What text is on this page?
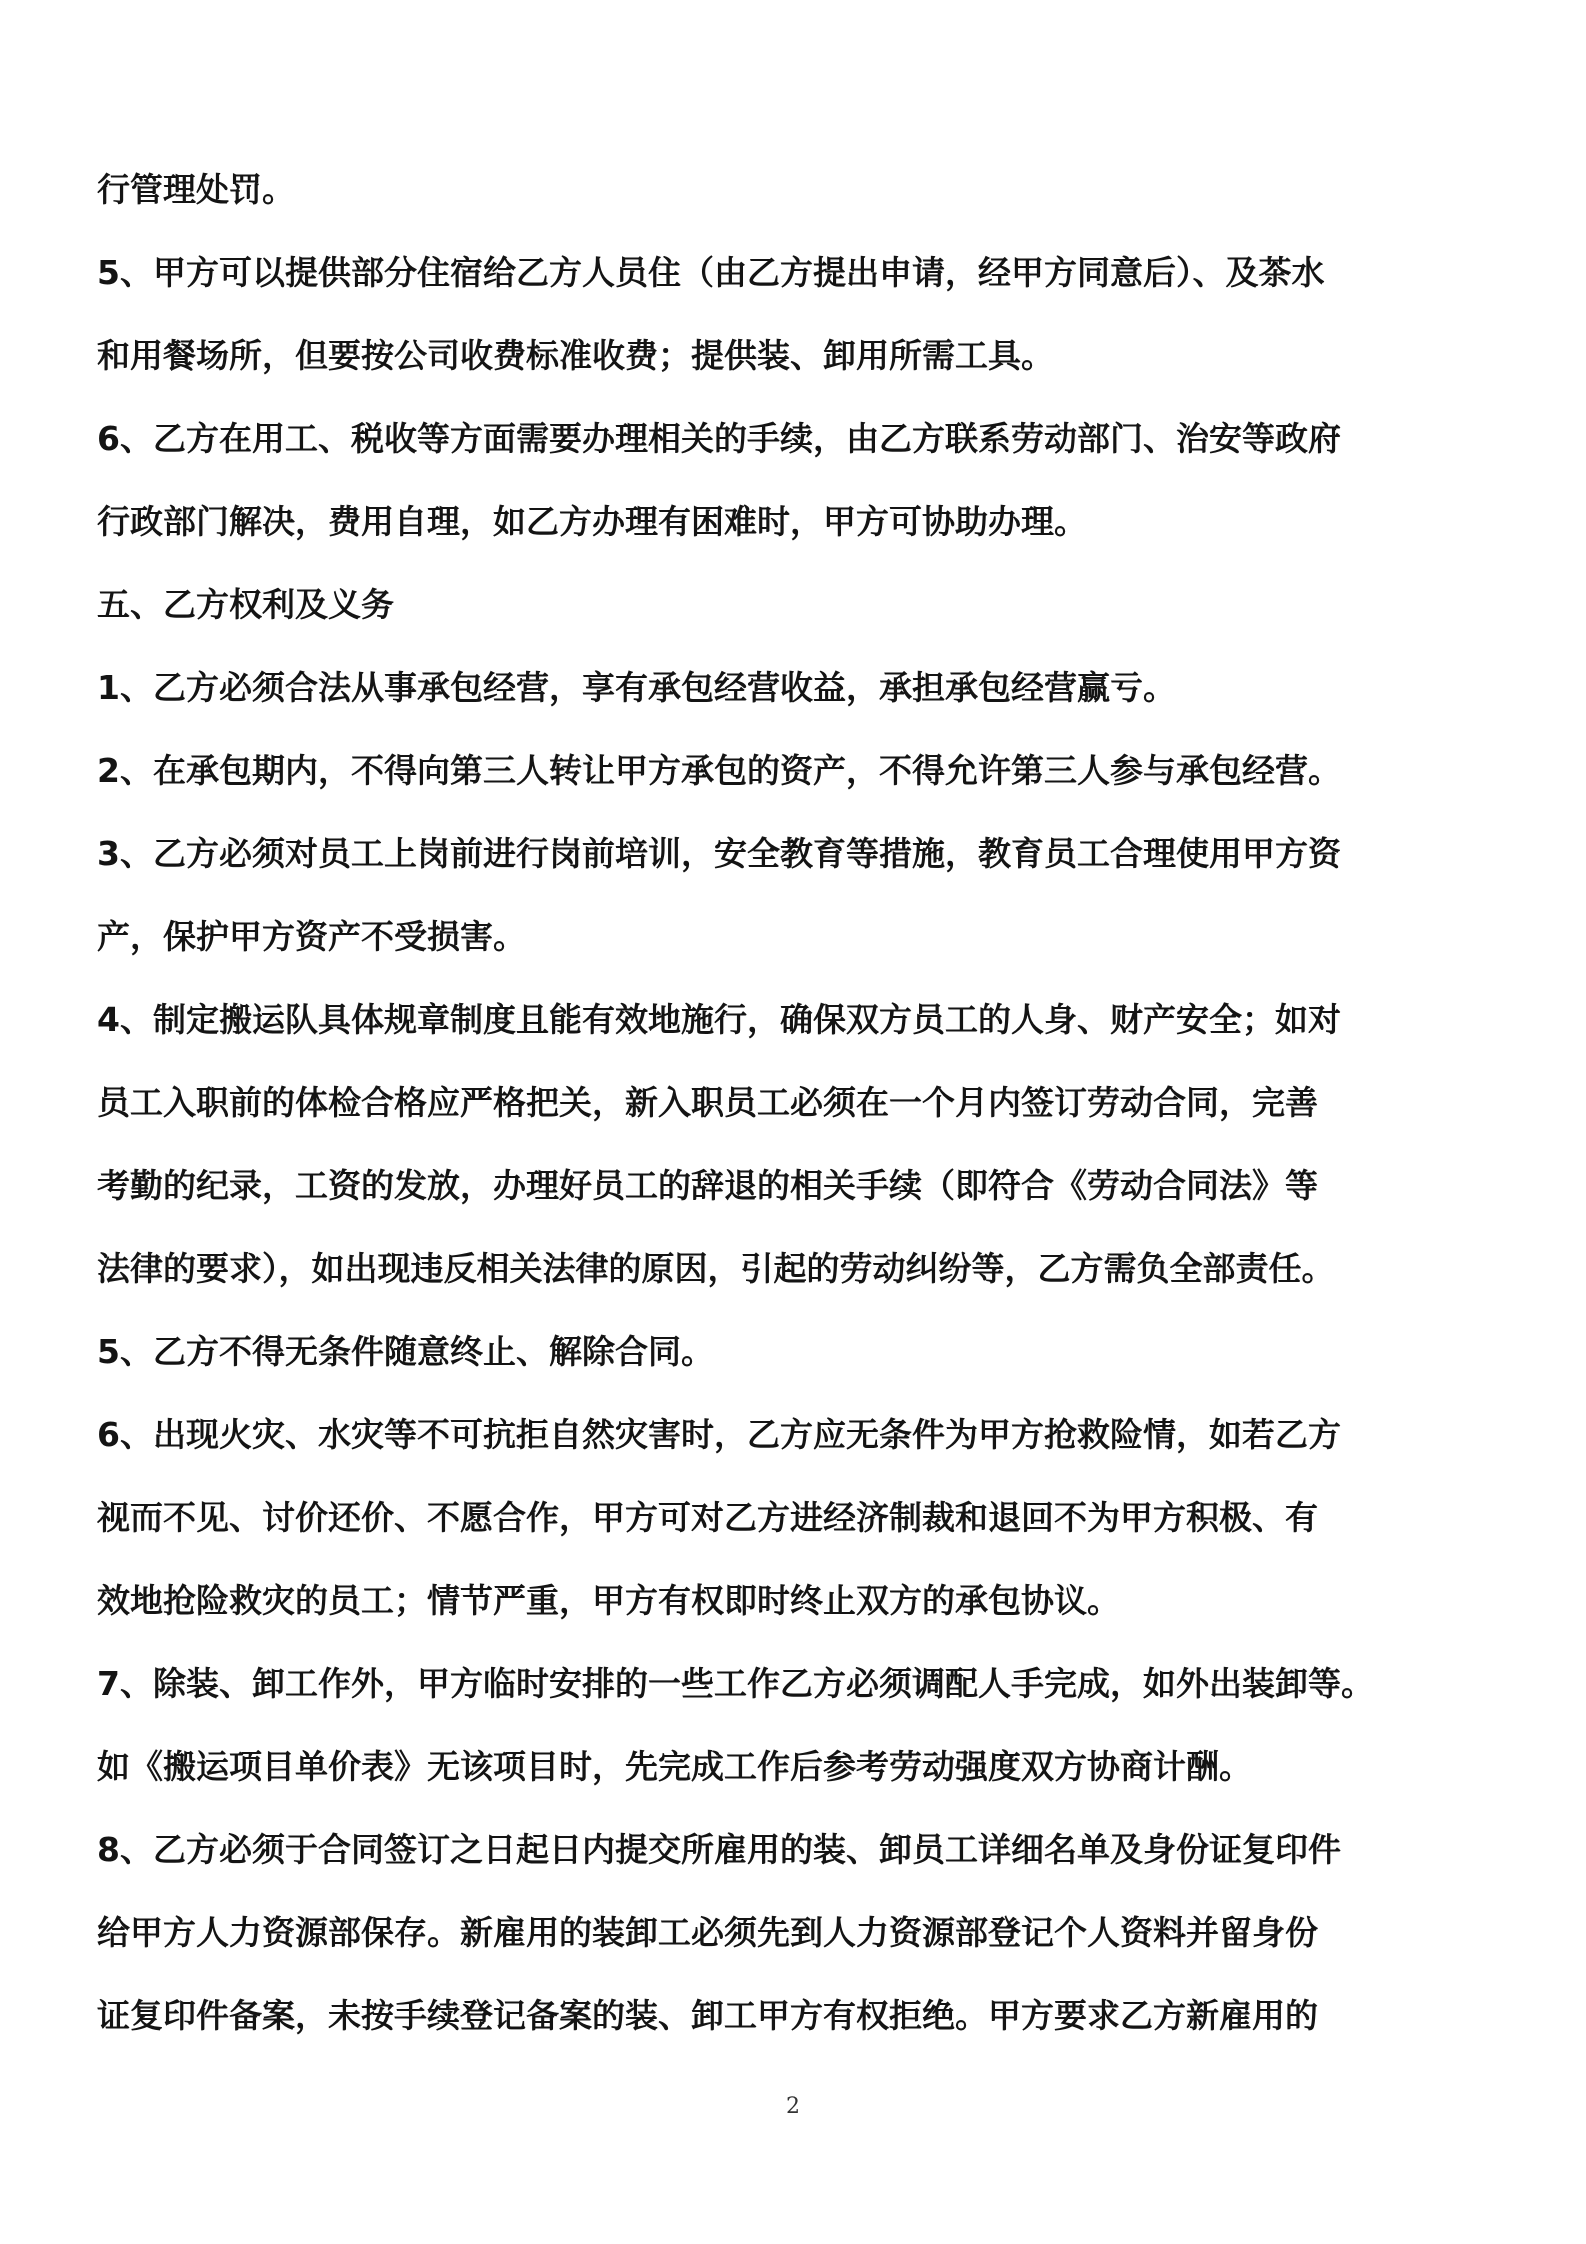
行管理处罚。

5、甲方可以提供部分住宿给乙方人员住（由乙方提出申请，经甲方同意后）、及茶水

和用餐场所，但要按公司收费标准收费；提供装、卸用所需工具。

6、乙方在用工、税收等方面需要办理相关的手续，由乙方联系劳动部门、治安等政府

行政部门解决，费用自理，如乙方办理有困难时，甲方可协助办理。

五、乙方权利及义务

1、乙方必须合法从事承包经营，享有承包经营收益，承担承包经营赢亏。

2、在承包期内，不得向第三人转让甲方承包的资产，不得允许第三人参与承包经营。

3、乙方必须对员工上岗前进行岗前培训，安全教育等措施，教育员工合理使用甲方资

产，保护甲方资产不受损害。

4、制定搬运队具体规章制度且能有效地施行，确保双方员工的人身、财产安全；如对

员工入职前的体检合格应严格把关，新入职员工必须在一个月内签订劳动合同，完善

考勤的纪录，工资的发放，办理好员工的辞退的相关手续（即符合《劳动合同法》等

法律的要求），如出现违反相关法律的原因，引起的劳动纠纷等，乙方需负全部责任。

5、乙方不得无条件随意终止、解除合同。

6、出现火灾、水灾等不可抗拒自然灾害时，乙方应无条件为甲方抢救险情，如若乙方

视而不见、讨价还价、不愿合作，甲方可对乙方进经济制裁和退回不为甲方积极、有

效地抢险救灾的员工；情节严重，甲方有权即时终止双方的承包协议。

7、除装、卸工作外，甲方临时安排的一些工作乙方必须调配人手完成，如外出装卸等。

如《搬运项目单价表》无该项目时，先完成工作后参考劳动强度双方协商计酬。

8、乙方必须于合同签订之日起日内提交所雇用的装、卸员工详细名单及身份证复印件

给甲方人力资源部保存。新雇用的装卸工必须先到人力资源部登记个人资料并留身份

证复印件备案，未按手续登记备案的装、卸工甲方有权拒绝。甲方要求乙方新雇用的

2
